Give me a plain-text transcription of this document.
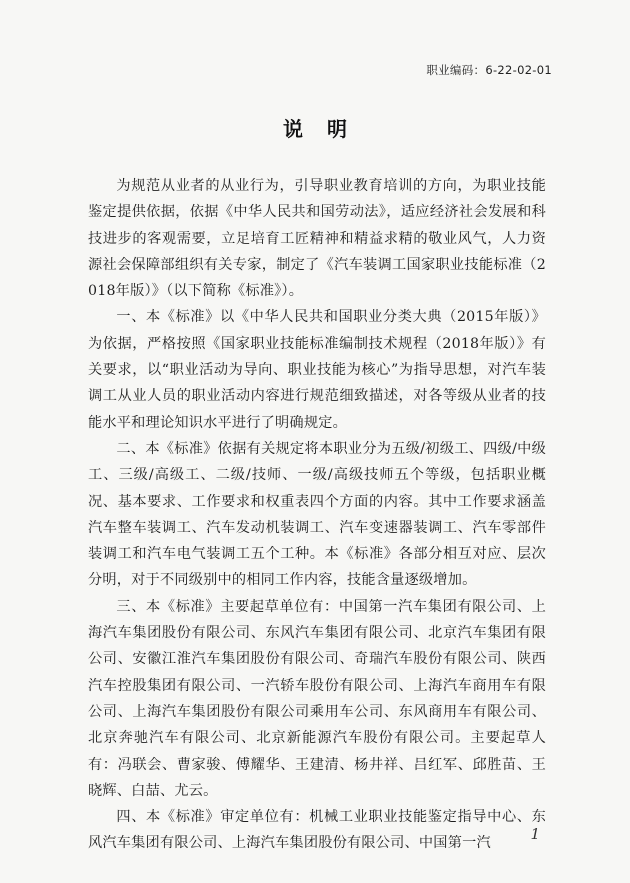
职业编码：6-22-02-01
说明

为规范从业者的从业行为，引导职业教育培训的方向，为职业技能鉴定提供依据，依据《中华人民共和国劳动法》，适应经济社会发展和科技进步的客观需要，立足培育工匠精神和精益求精的敬业风气，人力资源社会保障部组织有关专家，制定了《汽车装调工国家职业技能标准（2018年版）》（以下简称《标准》）。

一、本《标准》以《中华人民共和国职业分类大典（2015年版）》为依据，严格按照《国家职业技能标准编制技术规程（2018年版）》有关要求，以“职业活动为导向、职业技能为核心”为指导思想，对汽车装调工从业人员的职业活动内容进行规范细致描述，对各等级从业者的技能水平和理论知识水平进行了明确规定。

二、本《标准》依据有关规定将本职业分为五级/初级工、四级/中级工、三级/高级工、二级/技师、一级/高级技师五个等级，包括职业概况、基本要求、工作要求和权重表四个方面的内容。其中工作要求涵盖汽车整车装调工、汽车发动机装调工、汽车变速器装调工、汽车零部件装调工和汽车电气装调工五个工种。本《标准》各部分相互对应、层次分明，对于不同级别中的相同工作内容，技能含量逐级增加。

三、本《标准》主要起草单位有：中国第一汽车集团有限公司、上海汽车集团股份有限公司、东风汽车集团有限公司、北京汽车集团有限公司、安徽江淮汽车集团股份有限公司、奇瑞汽车股份有限公司、陕西汽车控股集团有限公司、一汽轿车股份有限公司、上海汽车商用车有限公司、上海汽车集团股份有限公司乘用车公司、东风商用车有限公司、北京奔驰汽车有限公司、北京新能源汽车股份有限公司。主要起草人有：冯联会、曹家骏、傅耀华、王建清、杨井祥、吕红军、邱胜苗、王晓辉、白喆、尤云。

四、本《标准》审定单位有：机械工业职业技能鉴定指导中心、东风汽车集团有限公司、上海汽车集团股份有限公司、中国第一汽

1
